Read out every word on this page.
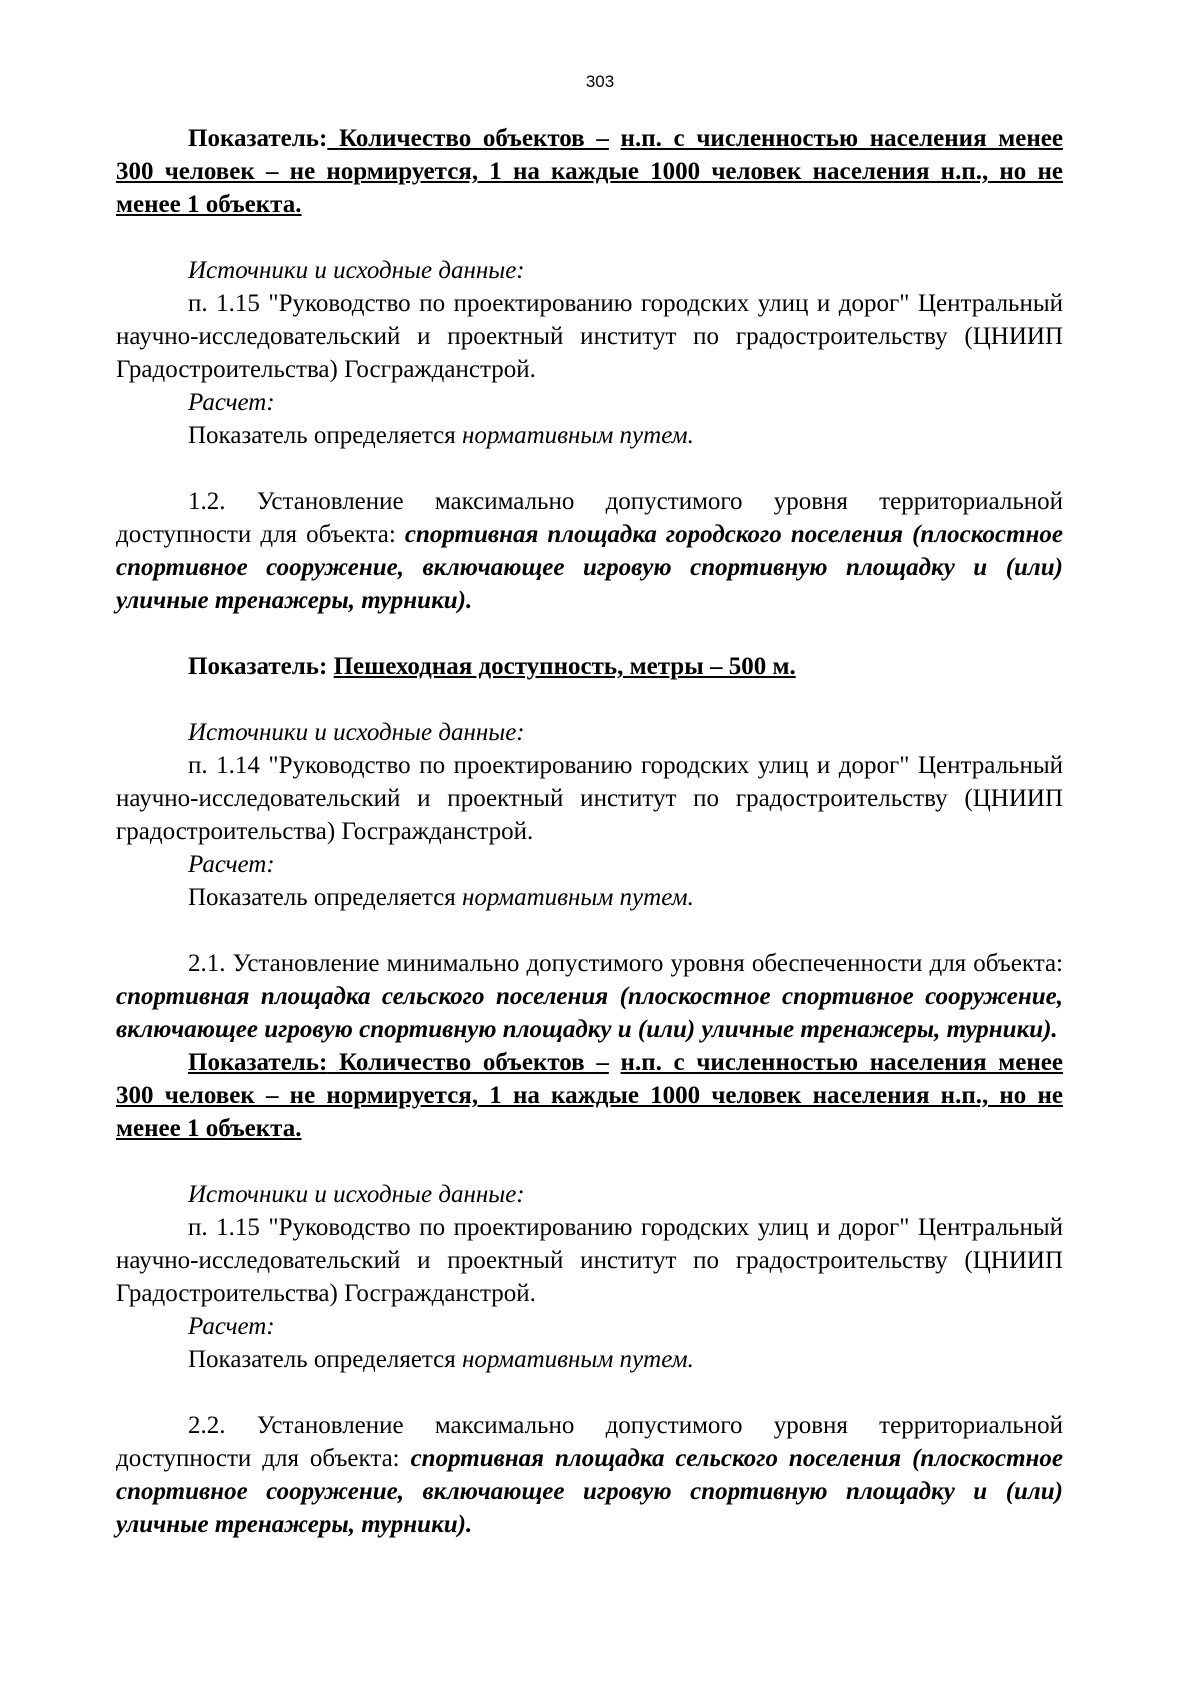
303

Показатель: Количество объектов – н.п. с численностью населения менее 300 человек – не нормируется, 1 на каждые 1000 человек населения н.п., но не менее 1 объекта.

Источники и исходные данные:

п. 1.15 "Руководство по проектированию городских улиц и дорог" Центральный научно-исследовательский и проектный институт по градостроительству (ЦНИИП Градостроительства) Госгражданстрой.

Расчет:

Показатель определяется нормативным путем.

1.2. Установление максимально допустимого уровня территориальной доступности для объекта: спортивная площадка городского поселения (плоскостное спортивное сооружение, включающее игровую спортивную площадку и (или) уличные тренажеры, турники).

Показатель: Пешеходная доступность, метры – 500 м.

Источники и исходные данные:

п. 1.14 "Руководство по проектированию городских улиц и дорог" Центральный научно-исследовательский и проектный институт по градостроительству (ЦНИИП градостроительства) Госгражданстрой.

Расчет:

Показатель определяется нормативным путем.

2.1. Установление минимально допустимого уровня обеспеченности для объекта: спортивная площадка сельского поселения (плоскостное спортивное сооружение, включающее игровую спортивную площадку и (или) уличные тренажеры, турники).

Показатель: Количество объектов – н.п. с численностью населения менее 300 человек – не нормируется, 1 на каждые 1000 человек населения н.п., но не менее 1 объекта.

Источники и исходные данные:

п. 1.15 "Руководство по проектированию городских улиц и дорог" Центральный научно-исследовательский и проектный институт по градостроительству (ЦНИИП Градостроительства) Госгражданстрой.

Расчет:

Показатель определяется нормативным путем.

2.2. Установление максимально допустимого уровня территориальной доступности для объекта: спортивная площадка сельского поселения (плоскостное спортивное сооружение, включающее игровую спортивную площадку и (или) уличные тренажеры, турники).
